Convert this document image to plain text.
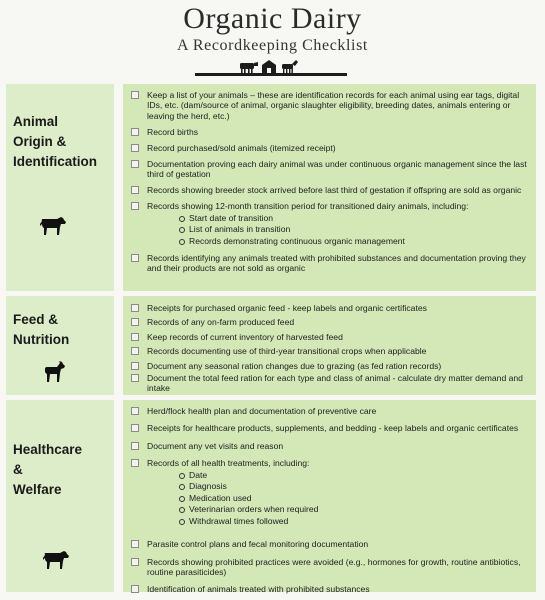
Organic Dairy
A Recordkeeping Checklist
Animal
Origin &
Identification
Keep a list of your animals – these are identification records for each animal using ear tags, digital IDs, etc. (dam/source of animal, organic slaughter eligibility, breeding dates, animals entering or leaving the herd, etc.)
Record births
Record purchased/sold animals (itemized receipt)
Documentation proving each dairy animal was under continuous organic management since the last third of gestation
Records showing breeder stock arrived before last third of gestation if offspring are sold as organic
Records showing 12-month transition period for transitioned dairy animals, including:
Start date of transition
List of animals in transition
Records demonstrating continuous organic management
Records identifying any animals treated with prohibited substances and documentation proving they and their products are not sold as organic
Feed &
Nutrition
Receipts for purchased organic feed - keep labels and organic certificates
Records of any on-farm produced feed
Keep records of current inventory of harvested feed
Records documenting use of third-year transitional crops when applicable
Document any seasonal ration changes due to grazing (as fed ration records)
Document the total feed ration for each type and class of animal - calculate dry matter demand and intake
Healthcare
&
Welfare
Herd/flock health plan and documentation of preventive care
Receipts for healthcare products, supplements, and bedding - keep labels and organic certificates
Document any vet visits and reason
Records of all health treatments, including:
Date
Diagnosis
Medication used
Veterinarian orders when required
Withdrawal times followed
Parasite control plans and fecal monitoring documentation
Records showing prohibited practices were avoided (e.g., hormones for growth, routine antibiotics, routine parasiticides)
Identification of animals treated with prohibited substances
